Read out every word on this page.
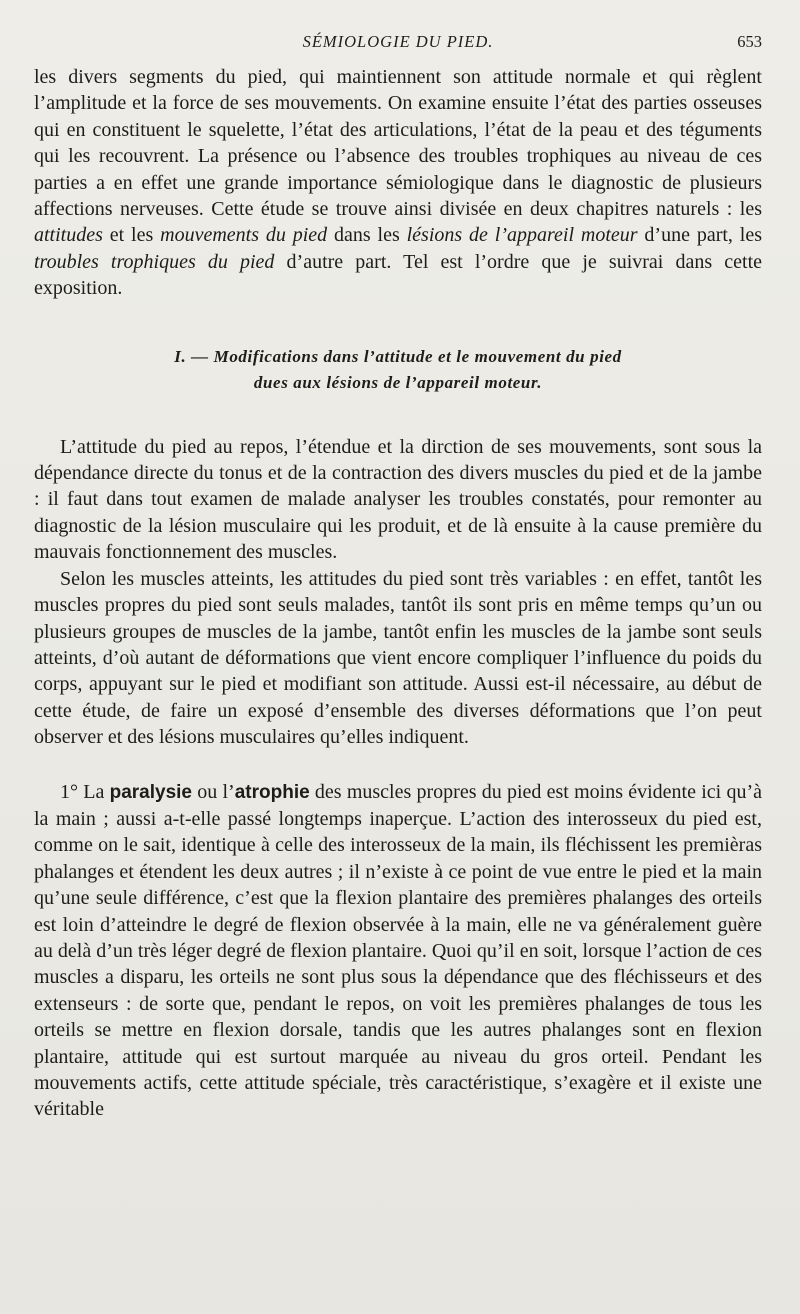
SÉMIOLOGIE DU PIED.	653

les divers segments du pied, qui maintiennent son attitude normale et qui règlent l’amplitude et la force de ses mouvements. On examine ensuite l’état des parties osseuses qui en constituent le squelette, l’état des articulations, l’état de la peau et des téguments qui les recouvrent. La présence ou l’absence des troubles trophiques au niveau de ces parties a en effet une grande importance sémiologique dans le diagnostic de plusieurs affections nerveuses. Cette étude se trouve ainsi divisée en deux chapitres naturels : les attitudes et les mouvements du pied dans les lésions de l’appareil moteur d’une part, les troubles trophiques du pied d’autre part. Tel est l’ordre que je suivrai dans cette exposition.

I. — Modifications dans l’attitude et le mouvement du pied
dues aux lésions de l’appareil moteur.

L’attitude du pied au repos, l’étendue et la dirction de ses mouvements, sont sous la dépendance directe du tonus et de la contraction des divers muscles du pied et de la jambe : il faut dans tout examen de malade analyser les troubles constatés, pour remonter au diagnostic de la lésion musculaire qui les produit, et de là ensuite à la cause première du mauvais fonctionnement des muscles.

Selon les muscles atteints, les attitudes du pied sont très variables : en effet, tantôt les muscles propres du pied sont seuls malades, tantôt ils sont pris en même temps qu’un ou plusieurs groupes de muscles de la jambe, tantôt enfin les muscles de la jambe sont seuls atteints, d’où autant de déformations que vient encore compliquer l’influence du poids du corps, appuyant sur le pied et modifiant son attitude. Aussi est-il nécessaire, au début de cette étude, de faire un exposé d’ensemble des diverses déformations que l’on peut observer et des lésions musculaires qu’elles indiquent.

1° La paralysie ou l’atrophie des muscles propres du pied est moins évidente ici qu’à la main ; aussi a-t-elle passé longtemps inaperçue. L’action des interosseux du pied est, comme on le sait, identique à celle des interosseux de la main, ils fléchissent les premièras phalanges et étendent les deux autres ; il n’existe à ce point de vue entre le pied et la main qu’une seule différence, c’est que la flexion plantaire des premières phalanges des orteils est loin d’atteindre le degré de flexion observée à la main, elle ne va généralement guère au delà d’un très léger degré de flexion plantaire. Quoi qu’il en soit, lorsque l’action de ces muscles a disparu, les orteils ne sont plus sous la dépendance que des fléchisseurs et des extenseurs : de sorte que, pendant le repos, on voit les premières phalanges de tous les orteils se mettre en flexion dorsale, tandis que les autres phalanges sont en flexion plantaire, attitude qui est surtout marquée au niveau du gros orteil. Pendant les mouvements actifs, cette attitude spéciale, très caractéristique, s’exagère et il existe une véritable
